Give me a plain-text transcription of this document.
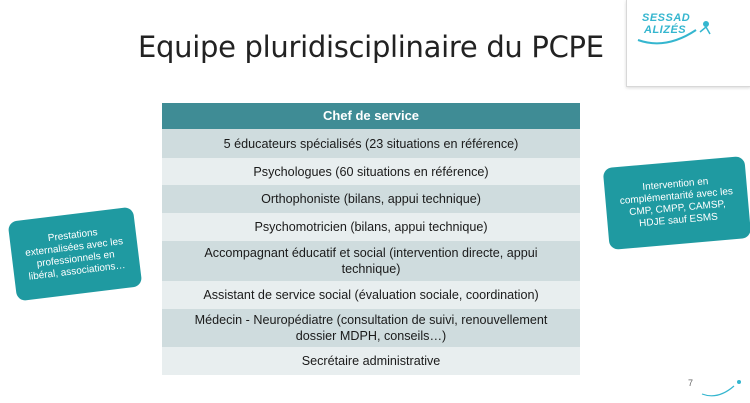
Equipe pluridisciplinaire du PCPE
SESSAD
ALIZÉS
Chef de service
5 éducateurs spécialisés (23 situations en référence)
Psychologues (60 situations en référence)
Orthophoniste (bilans, appui technique)
Psychomotricien (bilans, appui technique)
Accompagnant éducatif et social (intervention directe, appui technique)
Assistant de service social (évaluation sociale, coordination)
Médecin - Neuropédiatre (consultation de suivi, renouvellement dossier MDPH, conseils…)
Secrétaire administrative
Prestations externalisées avec les professionnels en libéral, associations…
Intervention en complémentarité avec les CMP, CMPP, CAMSP, HDJE sauf ESMS
7
